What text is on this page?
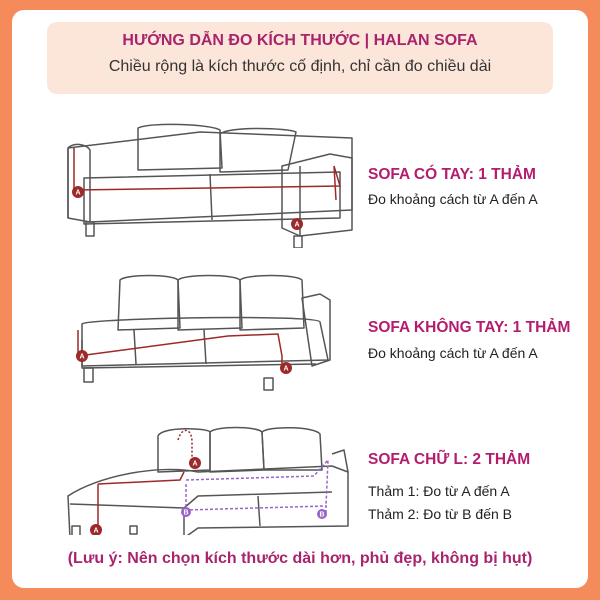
HƯỚNG DẪN ĐO KÍCH THƯỚC | HALAN SOFA
Chiều rộng là kích thước cố định, chỉ cần đo chiều dài
A
A
SOFA CÓ TAY: 1 THẢM
Đo khoảng cách từ A đến A
A
A
SOFA KHÔNG TAY: 1 THẢM
Đo khoảng cách từ A đến A
A
A
B	B
SOFA CHỮ L: 2 THẢM
Thảm 1: Đo từ A đến A
Thảm 2: Đo từ B đến B
(Lưu ý: Nên chọn kích thước dài hơn, phủ đẹp, không bị hụt)
